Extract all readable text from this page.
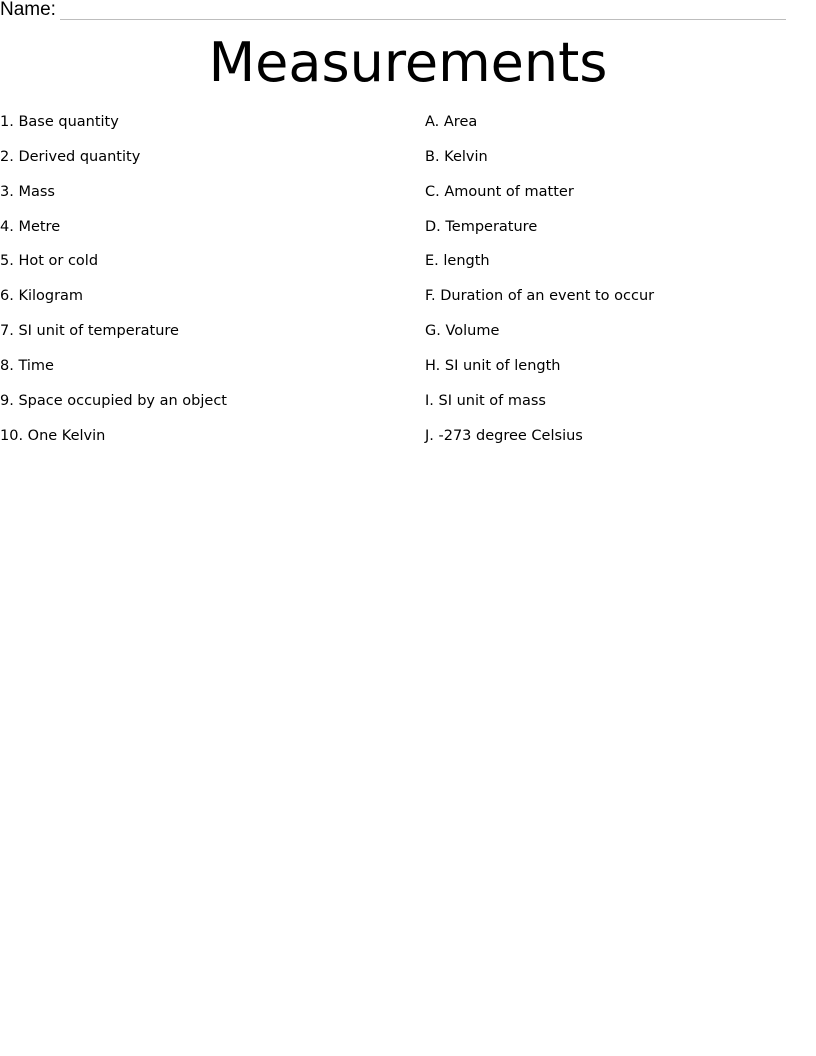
Name:
Measurements
1. Base quantity
2. Derived quantity
3. Mass
4. Metre
5. Hot or cold
6. Kilogram
7. SI unit of temperature
8. Time
9. Space occupied by an object
10. One Kelvin
A. Area
B. Kelvin
C. Amount of matter
D. Temperature
E. length
F. Duration of an event to occur
G. Volume
H. SI unit of length
I. SI unit of mass
J. -273 degree Celsius
